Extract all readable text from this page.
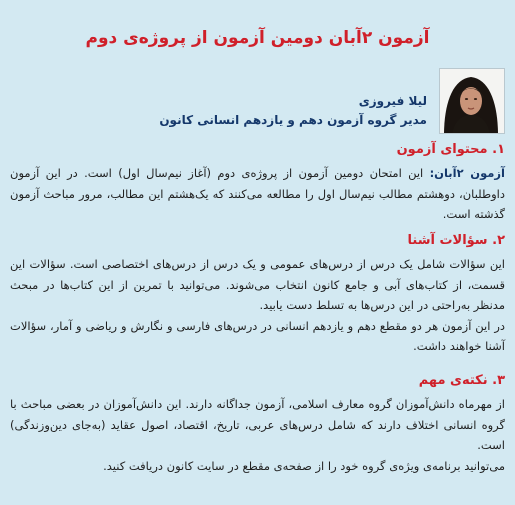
آزمون ۲آبان دومین آزمون از پروژه‌ی دوم
لیلا فیروزی
مدیر گروه آزمون دهم و یازدهم انسانی کانون
۱. محتوای آزمون

آزمون ۲آبان: این امتحان دومین آزمون از پروژه‌ی دوم (آغاز نیم‌سال اول) است. در این آزمون داوطلبان، دوهشتم مطالب نیم‌سال اول را مطالعه می‌کنند که یک‌هشتم این مطالب، مرور مباحث آزمون گذشته است.

۲. سؤالات آشنا

این سؤالات شامل یک درس از درس‌های عمومی و یک درس از درس‌های اختصاصی است. سؤالات این قسمت، از کتاب‌های آبی و جامع کانون انتخاب می‌شوند. می‌توانید با تمرین از این کتاب‌ها در مبحث مدنظر به‌راحتی در این درس‌ها به تسلط دست یابید.

در این آزمون هر دو مقطع دهم و یازدهم انسانی در درس‌های فارسی و نگارش و ریاضی و آمار، سؤالات آشنا خواهند داشت.

۳. نکته‌ی مهم

از مهرماه دانش‌آموزان گروه معارف اسلامی، آزمون جداگانه دارند. این دانش‌آموزان در بعضی مباحث با گروه انسانی اختلاف دارند که شامل درس‌های عربی، تاریخ، اقتصاد، اصول عقاید (به‌جای دین‌وزندگی) است.

می‌توانید برنامه‌ی ویژه‌ی گروه خود را از صفحه‌ی مقطع در سایت کانون دریافت کنید.
